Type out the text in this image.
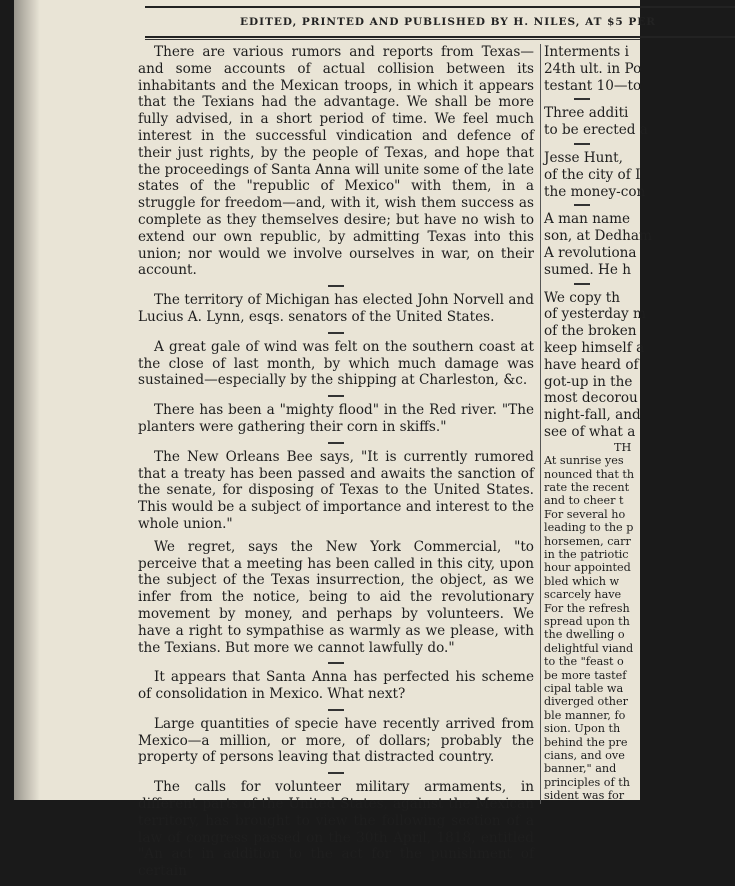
EDITED, PRINTED AND PUBLISHED BY H. NILES, AT $5 PER

There are various rumors and reports from Texas—and some accounts of actual collision between its inhabitants and the Mexican troops, in which it appears that the Texians had the advantage. We shall be more fully advised, in a short period of time. We feel much interest in the successful vindication and defence of their just rights, by the people of Texas, and hope that the proceedings of Santa Anna will unite some of the late states of the "republic of Mexico" with them, in a struggle for freedom—and, with it, wish them success as complete as they themselves desire; but have no wish to extend our own republic, by admitting Texas into this union; nor would we involve ourselves in war, on their account.

The territory of Michigan has elected John Norvell and Lucius A. Lynn, esqs. senators of the United States.

A great gale of wind was felt on the southern coast at the close of last month, by which much damage was sustained—especially by the shipping at Charleston, &c.

There has been a "mighty flood" in the Red river. "The planters were gathering their corn in skiffs."

The New Orleans Bee says, "It is currently rumored that a treaty has been passed and awaits the sanction of the senate, for disposing of Texas to the United States. This would be a subject of importance and interest to the whole union."

We regret, says the New York Commercial, "to perceive that a meeting has been called in this city, upon the subject of the Texas insurrection, the object, as we infer from the notice, being to aid the revolutionary movement by money, and perhaps by volunteers. We have a right to sympathise as warmly as we please, with the Texians. But more we cannot lawfully do."

It appears that Santa Anna has perfected his scheme of consolidation in Mexico. What next?

Large quantities of specie have recently arrived from Mexico—a million, or more, of dollars; probably the property of persons leaving that distracted country.

The calls for volunteer military armaments, in different parts of the United States, against the Mexican territory, has brought to view the following section of a law of congress passed on the 30th April, 1818, entitled "An act in addition to the act for the punishment of certain

Interments i
24th ult. in Po
testant 10—to
Three additi
to be erected a
Jesse Hunt,
of the city of I
the money-con
A man name
son, at Dedham
A revolutiona
sumed. He h
We copy th
of yesterday m
of the broken
keep himself a
have heard of
got-up in the
most decorou
night-fall, and
see of what a
TH
At sunrise yes
nounced that th
rate the recent
and to cheer t
For several ho
leading to the p
horsemen, carr
in the patriotic
hour appointed
bled which w
scarcely have
For the refresh
spread upon th
the dwelling o
delightful viand
to the "feast o
be more tastef
cipal table wa
diverged other
ble manner, fo
sion. Upon th
behind the pre
cians, and ove
banner," and
principles of th
sident was for
